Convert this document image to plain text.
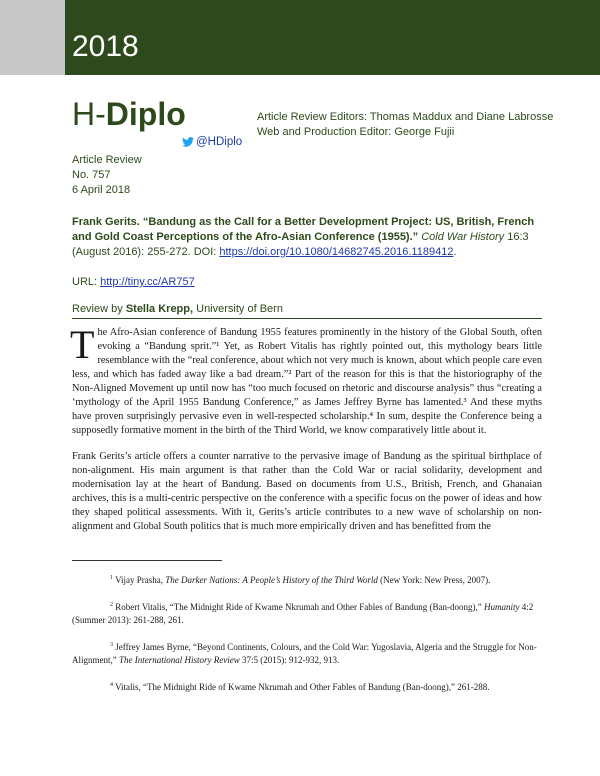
2018
H-Diplo
@HDiplo
Article Review Editors: Thomas Maddux and Diane Labrosse
Web and Production Editor: George Fujii
Article Review
No. 757
6 April 2018
Frank Gerits. “Bandung as the Call for a Better Development Project: US, British, French and Gold Coast Perceptions of the Afro-Asian Conference (1955).” Cold War History 16:3 (August 2016): 255-272. DOI: https://doi.org/10.1080/14682745.2016.1189412.
URL: http://tiny.cc/AR757
Review by Stella Krepp, University of Bern

The Afro-Asian conference of Bandung 1955 features prominently in the history of the Global South, often evoking a “Bandung sprit.”¹ Yet, as Robert Vitalis has rightly pointed out, this mythology bears little resemblance with the “real conference, about which not very much is known, about which people care even less, and which has faded away like a bad dream.”² Part of the reason for this is that the historiography of the Non-Aligned Movement up until now has “too much focused on rhetoric and discourse analysis” thus “creating a ‘mythology of the April 1955 Bandung Conference,” as James Jeffrey Byrne has lamented.³ And these myths have proven surprisingly pervasive even in well-respected scholarship.⁴ In sum, despite the Conference being a supposedly formative moment in the birth of the Third World, we know comparatively little about it.

Frank Gerits’s article offers a counter narrative to the pervasive image of Bandung as the spiritual birthplace of non-alignment. His main argument is that rather than the Cold War or racial solidarity, development and modernisation lay at the heart of Bandung. Based on documents from U.S., British, French, and Ghanaian archives, this is a multi-centric perspective on the conference with a specific focus on the power of ideas and how they shaped political assessments. With it, Gerits’s article contributes to a new wave of scholarship on non-alignment and Global South politics that is much more empirically driven and has benefitted from the

$^1$ Vijay Prasha, The Darker Nations: A People’s History of the Third World (New York: New Press, 2007).
$^2$ Robert Vitalis, “The Midnight Ride of Kwame Nkrumah and Other Fables of Bandung (Ban-doong),” Humanity 4:2 (Summer 2013): 261-288, 261.
$^3$ Jeffrey James Byrne, “Beyond Continents, Colours, and the Cold War: Yugoslavia, Algeria and the Struggle for Non-Alignment,” The International History Review 37:5 (2015): 912-932, 913.
$^4$ Vitalis, “The Midnight Ride of Kwame Nkrumah and Other Fables of Bandung (Ban-doong),” 261-288.
